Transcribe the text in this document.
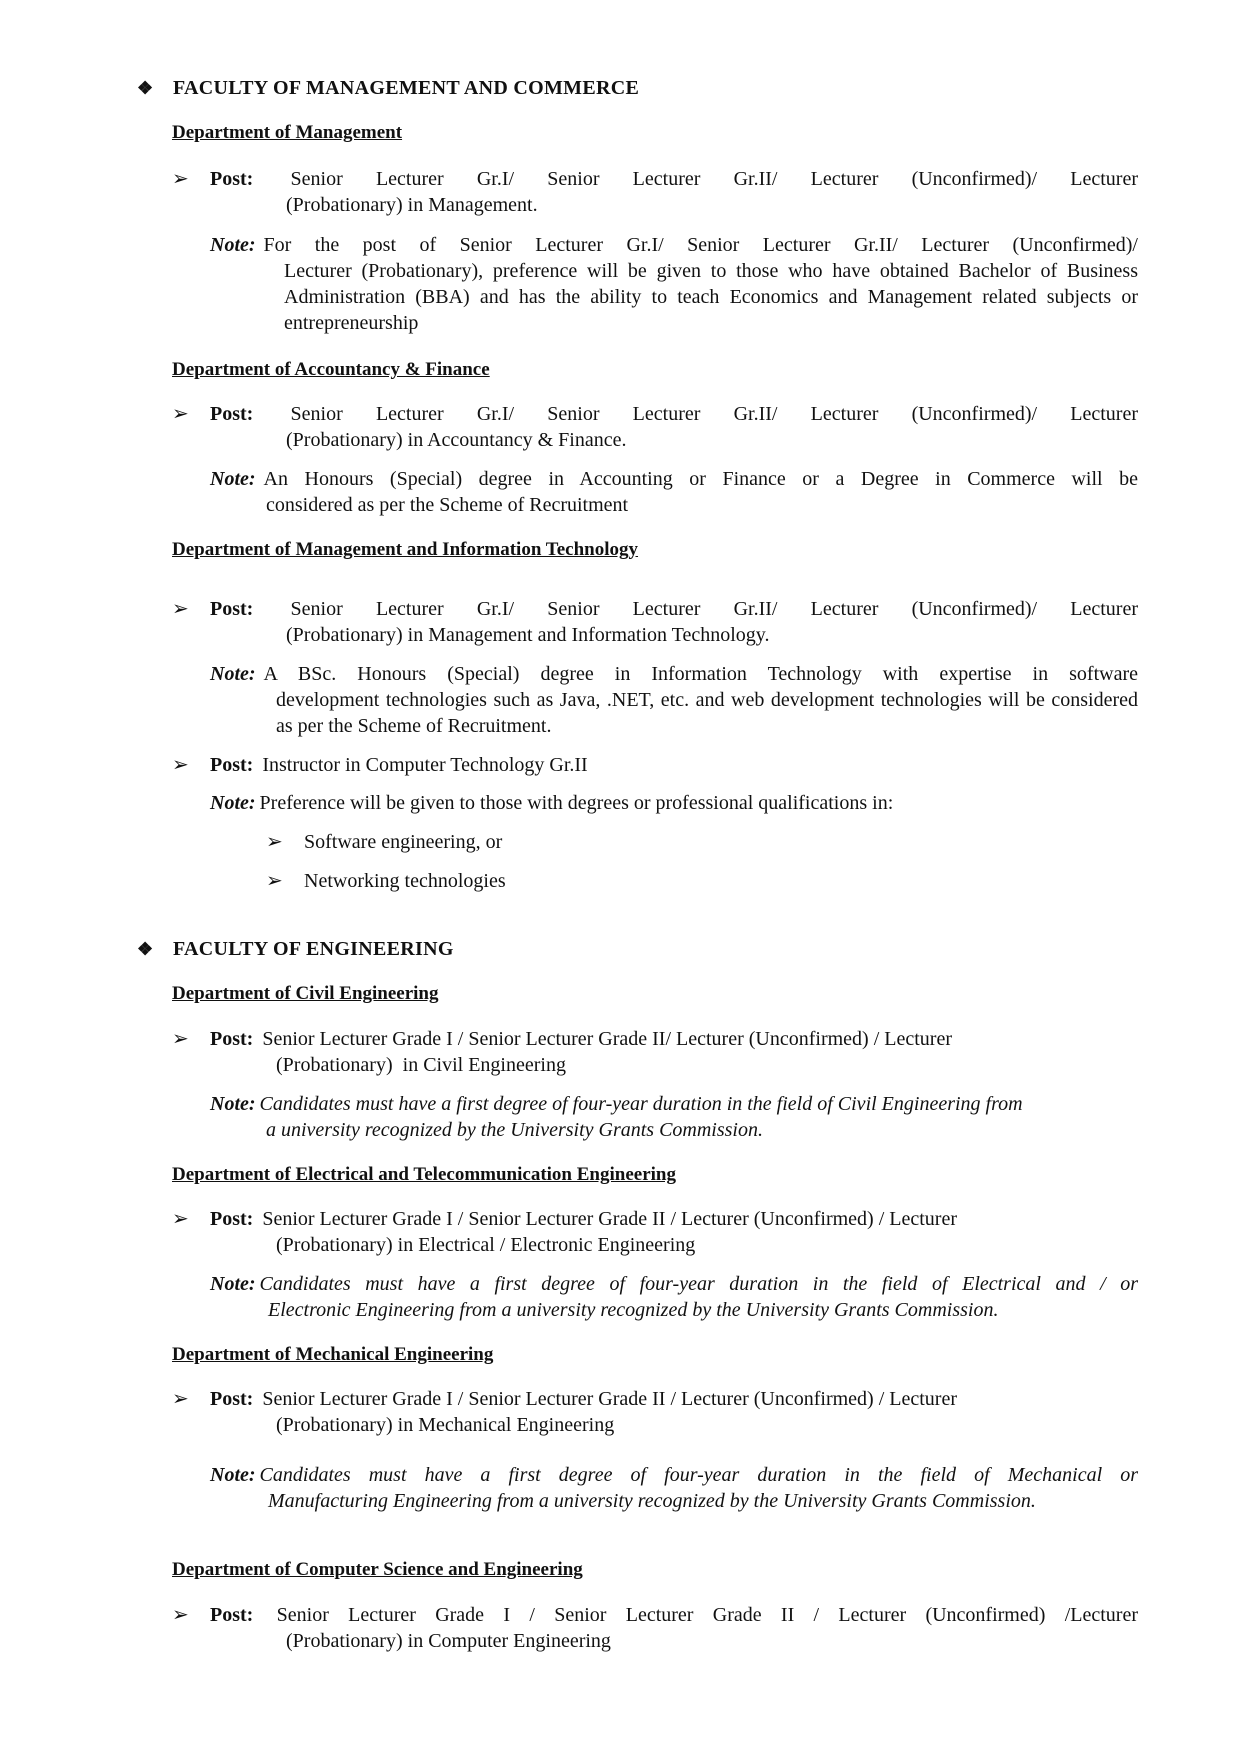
❖ FACULTY OF MANAGEMENT AND COMMERCE
Department of Management
➢	Post: Senior Lecturer Gr.I/ Senior Lecturer Gr.II/ Lecturer (Unconfirmed)/ Lecturer
(Probationary) in Management.
Note: For the post of Senior Lecturer Gr.I/ Senior Lecturer Gr.II/ Lecturer (Unconfirmed)/
Lecturer (Probationary), preference will be given to those who have obtained Bachelor of Business Administration (BBA) and has the ability to teach Economics and Management related subjects or entrepreneurship
Department of Accountancy & Finance
➢	Post: Senior Lecturer Gr.I/ Senior Lecturer Gr.II/ Lecturer (Unconfirmed)/ Lecturer
(Probationary) in Accountancy & Finance.
Note: An Honours (Special) degree in Accounting or Finance or a Degree in Commerce will be
considered as per the Scheme of Recruitment
Department of Management and Information Technology
➢	Post: Senior Lecturer Gr.I/ Senior Lecturer Gr.II/ Lecturer (Unconfirmed)/ Lecturer
(Probationary) in Management and Information Technology.
Note: A BSc. Honours (Special) degree in Information Technology with expertise in software
development technologies such as Java, .NET, etc. and web development technologies will be considered as per the Scheme of Recruitment.
➢	Post: Instructor in Computer Technology Gr.II
Note: Preference will be given to those with degrees or professional qualifications in:
➢ Software engineering, or
➢ Networking technologies
❖ FACULTY OF ENGINEERING
Department of Civil Engineering
➢	Post: Senior Lecturer Grade I / Senior Lecturer Grade II/ Lecturer (Unconfirmed) / Lecturer
(Probationary)  in Civil Engineering
Note: Candidates must have a first degree of four-year duration in the field of Civil Engineering from
a university recognized by the University Grants Commission.
Department of Electrical and Telecommunication Engineering
➢	Post: Senior Lecturer Grade I / Senior Lecturer Grade II / Lecturer (Unconfirmed) / Lecturer
(Probationary) in Electrical / Electronic Engineering
Note: Candidates must have a first degree of four-year duration in the field of Electrical and / or
Electronic Engineering from a university recognized by the University Grants Commission.
Department of Mechanical Engineering
➢	Post: Senior Lecturer Grade I / Senior Lecturer Grade II / Lecturer (Unconfirmed) / Lecturer
(Probationary) in Mechanical Engineering
Note: Candidates must have a first degree of four-year duration in the field of Mechanical or
Manufacturing Engineering from a university recognized by the University Grants Commission.
Department of Computer Science and Engineering
➢	Post: Senior Lecturer Grade I / Senior Lecturer Grade II / Lecturer (Unconfirmed) /Lecturer
(Probationary) in Computer Engineering
